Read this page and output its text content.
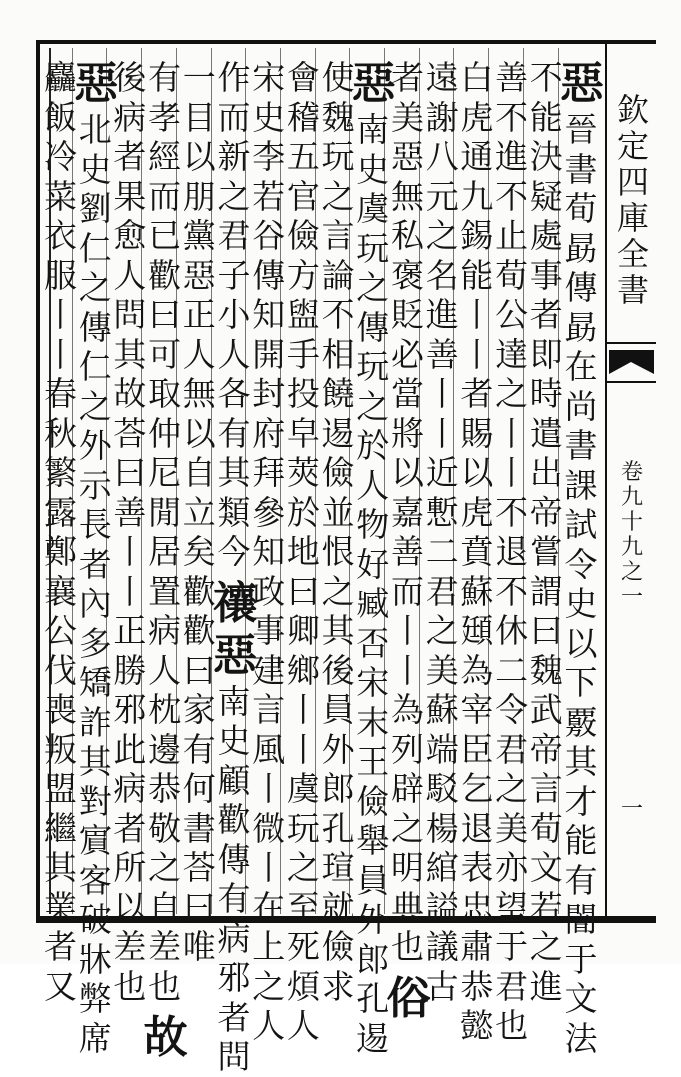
欽
定
四
庫
全
書
卷
九
十
九
之
一
一
惡
晉
書
荀
勗
傳
勗
在
尚
書
課
試
令
史
以
下
覈
其
才
能
有
闇
于
文
法
不
能
決
疑
處
事
者
即
時
遣
出
帝
嘗
謂
曰
魏
武
帝
言
荀
文
若
之
進
善
不
進
不
止
荀
公
達
之
丨
丨
不
退
不
休
二
令
君
之
美
亦
望
于
君
也
白
虎
通
九
錫
能
丨
丨
者
賜
以
虎
賁
蘇
頲
為
宰
臣
乞
退
表
忠
肅
恭
懿
遠
謝
八
元
之
名
進
善
丨
丨
近
慙
二
君
之
美
蘇
端
駁
楊
綰
謚
議
古
者
美
惡
無
私
褒
貶
必
當
將
以
嘉
善
而
丨
丨
為
列
辟
之
明
典
也
俗
惡
南
史
虞
玩
之
傳
玩
之
於
人
物
好
臧
否
宋
末
王
儉
舉
員
外
郎
孔
逷
使
魏
玩
之
言
論
不
相
饒
逷
儉
並
恨
之
其
後
員
外
郎
孔
瑄
就
儉
求
會
稽
五
官
儉
方
盥
手
投
皁
莢
於
地
曰
卿
鄉
丨
丨
虞
玩
之
至
死
煩
人
宋
史
李
若
谷
傳
知
開
封
府
拜
參
知
政
事
建
言
風
丨
微
丨
在
上
之
人
作
而
新
之
君
子
小
人
各
有
其
類
今
禳
惡
南
史
顧
歡
傳
有
病
邪
者
問
一
目
以
朋
黨
惡
正
人
無
以
自
立
矣
歡
歡
曰
家
有
何
書
荅
曰
唯
有
孝
經
而
已
歡
曰
可
取
仲
尼
閒
居
置
病
人
枕
邊
恭
敬
之
自
差
也
故
後
病
者
果
愈
人
問
其
故
荅
曰
善
丨
丨
正
勝
邪
此
病
者
所
以
差
也
惡
北
史
劉
仁
之
傳
仁
之
外
示
長
者
內
多
矯
詐
其
對
賔
客
破
牀
弊
席
麤
飯
冷
菜
衣
服
丨
丨
春
秋
繁
露
鄭
襄
公
伐
喪
叛
盟
繼
其
業
者
又
